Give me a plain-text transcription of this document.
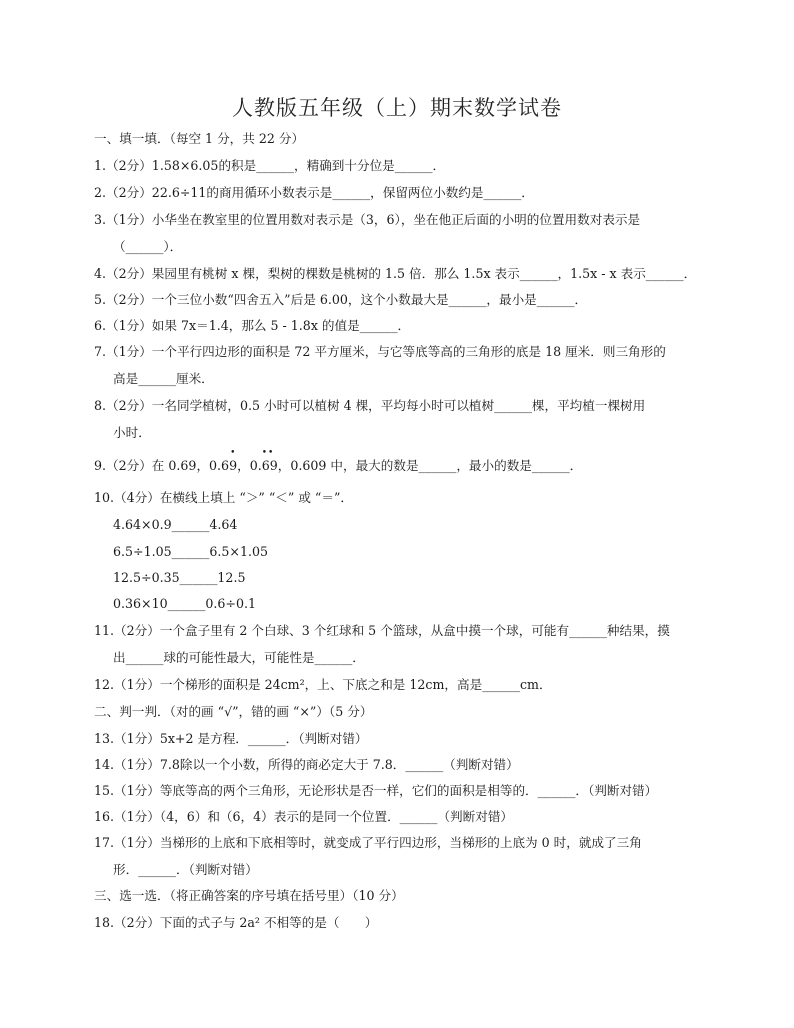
人教版五年级（上）期末数学试卷
一、填一填．（每空 1 分，共 22 分）
1.（2分）1.58×6.05的积是______，精确到十分位是______．
2.（2分）22.6÷11的商用循环小数表示是______，保留两位小数约是______．
3.（1分）小华坐在教室里的位置用数对表示是（3，6），坐在他正后面的小明的位置用数对表示是
（______）．
4.（2分）果园里有桃树 x 棵，梨树的棵数是桃树的 1.5 倍．那么 1.5x 表示______，1.5x - x 表示______．
5.（2分）一个三位小数“四舍五入”后是 6.00，这个小数最大是______，最小是______．
6.（1分）如果 7x＝1.4，那么 5 - 1.8x 的值是______．
7.（1分）一个平行四边形的面积是 72 平方厘米，与它等底等高的三角形的底是 18 厘米．则三角形的
高是______厘米．
8.（2分）一名同学植树，0.5 小时可以植树 4 棵，平均每小时可以植树______棵，平均植一棵树用
小时．
9.（2分）在 0.69，0.6
•
9，0.
••
69，0.609 中，最大的数是______，最小的数是______．
10.（4分）在横线上填上 “＞” “＜” 或 “＝”．
4.64×0.9______4.64
6.5÷1.05______6.5×1.05
12.5÷0.35______12.5
0.36×10______0.6÷0.1
11.（2分）一个盒子里有 2 个白球、3 个红球和 5 个篮球，从盒中摸一个球，可能有______种结果，摸
出______球的可能性最大，可能性是______．
12.（1分）一个梯形的面积是 24cm²，上、下底之和是 12cm，高是______cm．
二、判一判．（对的画 “√”，错的画 “×”）（5 分）
13.（1分）5x+2 是方程．______．（判断对错）
14.（1分）7.8除以一个小数，所得的商必定大于 7.8．______（判断对错）
15.（1分）等底等高的两个三角形，无论形状是否一样，它们的面积是相等的．______．（判断对错）
16.（1分）（4，6）和（6，4）表示的是同一个位置．______（判断对错）
17.（1分）当梯形的上底和下底相等时，就变成了平行四边形，当梯形的上底为 0 时，就成了三角
形．______．（判断对错）
三、选一选．（将正确答案的序号填在括号里）（10 分）
18.（2分）下面的式子与 2a² 不相等的是（　　）
